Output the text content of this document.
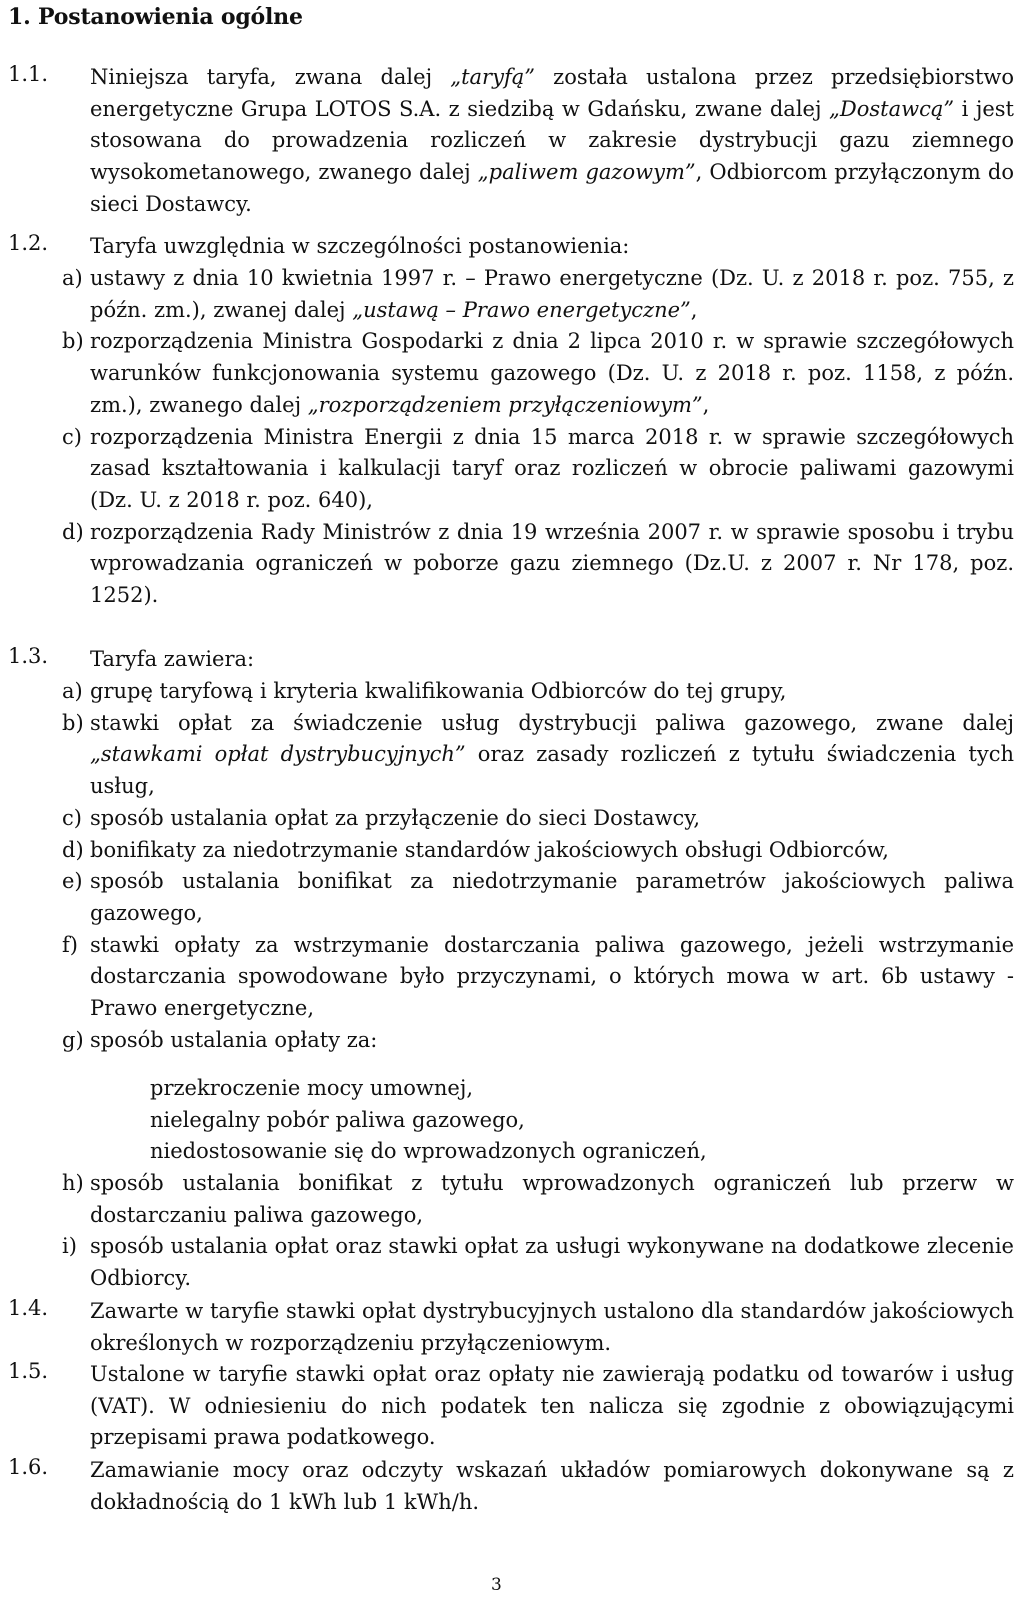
1. Postanowienia ogólne
1.1. Niniejsza taryfa, zwana dalej „taryfą” została ustalona przez przedsiębiorstwo energetyczne Grupa LOTOS S.A. z siedzibą w Gdańsku, zwane dalej „Dostawcą” i jest stosowana do prowadzenia rozliczeń w zakresie dystrybucji gazu ziemnego wysokometanowego, zwanego dalej „paliwem gazowym”, Odbiorcom przyłączonym do sieci Dostawcy.
1.2. Taryfa uwzględnia w szczególności postanowienia:
a) ustawy z dnia 10 kwietnia 1997 r. – Prawo energetyczne (Dz. U. z 2018 r. poz. 755, z późn. zm.), zwanej dalej „ustawą – Prawo energetyczne”,
b) rozporządzenia Ministra Gospodarki z dnia 2 lipca 2010 r. w sprawie szczegółowych warunków funkcjonowania systemu gazowego (Dz. U. z 2018 r. poz. 1158, z późn. zm.), zwanego dalej „rozporządzeniem przyłączeniowym”,
c) rozporządzenia Ministra Energii z dnia 15 marca 2018 r. w sprawie szczegółowych zasad kształtowania i kalkulacji taryf oraz rozliczeń w obrocie paliwami gazowymi (Dz. U. z 2018 r. poz. 640),
d) rozporządzenia Rady Ministrów z dnia 19 września 2007 r. w sprawie sposobu i trybu wprowadzania ograniczeń w poborze gazu ziemnego (Dz.U. z 2007 r. Nr 178, poz. 1252).
1.3. Taryfa zawiera:
a) grupę taryfową i kryteria kwalifikowania Odbiorców do tej grupy,
b) stawki opłat za świadczenie usług dystrybucji paliwa gazowego, zwane dalej „stawkami opłat dystrybucyjnych” oraz zasady rozliczeń z tytułu świadczenia tych usług,
c) sposób ustalania opłat za przyłączenie do sieci Dostawcy,
d) bonifikaty za niedotrzymanie standardów jakościowych obsługi Odbiorców,
e) sposób ustalania bonifikat za niedotrzymanie parametrów jakościowych paliwa gazowego,
f) stawki opłaty za wstrzymanie dostarczania paliwa gazowego, jeżeli wstrzymanie dostarczania spowodowane było przyczynami, o których mowa w art. 6b ustawy - Prawo energetyczne,
g) sposób ustalania opłaty za:
przekroczenie mocy umownej,
nielegalny pobór paliwa gazowego,
niedostosowanie się do wprowadzonych ograniczeń,
h) sposób ustalania bonifikat z tytułu wprowadzonych ograniczeń lub przerw w dostarczaniu paliwa gazowego,
i) sposób ustalania opłat oraz stawki opłat za usługi wykonywane na dodatkowe zlecenie Odbiorcy.
1.4. Zawarte w taryfie stawki opłat dystrybucyjnych ustalono dla standardów jakościowych określonych w rozporządzeniu przyłączeniowym.
1.5. Ustalone w taryfie stawki opłat oraz opłaty nie zawierają podatku od towarów i usług (VAT). W odniesieniu do nich podatek ten nalicza się zgodnie z obowiązującymi przepisami prawa podatkowego.
1.6. Zamawianie mocy oraz odczyty wskazań układów pomiarowych dokonywane są z dokładnością do 1 kWh lub 1 kWh/h.
3
